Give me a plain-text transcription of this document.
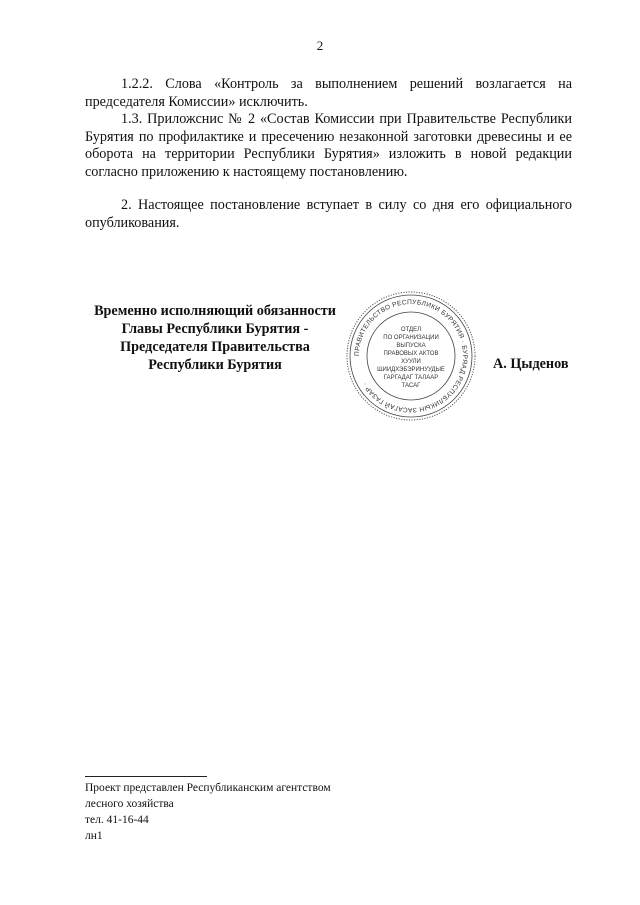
2

1.2.2. Слова «Контроль за выполнением решений возлагается на председателя Комиссии» исключить.

1.3. Приложснис № 2 «Состав Комиссии при Правительстве Республики Бурятия по профилактике и пресечению незаконной заготовки древесины и ее оборота на территории Республики Бурятия» изложить в новой редакции согласно приложению к настоящему постановлению.

2. Настоящее постановление вступает в силу со дня его официального опубликования.

Временно исполняющий обязанности
Главы Республики Бурятия -
Председателя Правительства
Республики Бурятия
ПРАВИТЕЛЬСТВО РЕСПУБЛИКИ БУРЯТИЯ · БУРЯАД РЕСПУБЛИКЫН ЗАСАГАЙ ГАЗАР ·
ОТДЕЛ
ПО ОРГАНИЗАЦИИ
ВЫПУСКА
ПРАВОВЫХ АКТОВ
ХУУЛИ
ШИИДХЭБЭРИНУУДЫЕ
ГАРГАДАГ ТАЛААР
ТАСАГ
А. Цыденов
Проект представлен Республиканским агентством
лесного хозяйства
тел. 41-16-44
лн1
